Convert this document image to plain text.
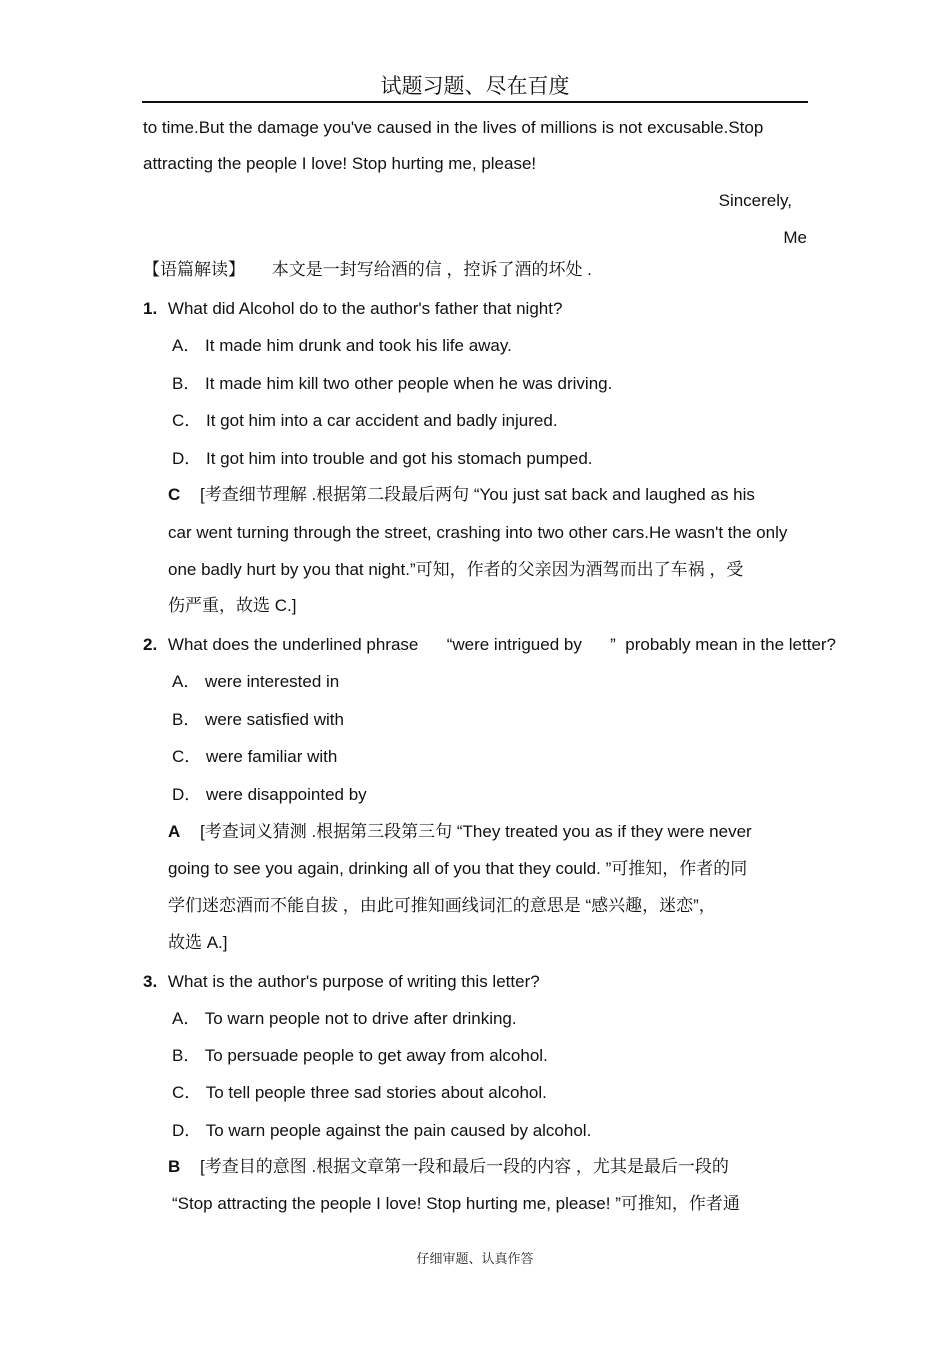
试题习题、尽在百度
to time.But the damage you've caused in the lives of millions is not excusable.Stop
attracting the people I love! Stop hurting me, please!
Sincerely,
Me
【语篇解读】 本文是一封写给酒的信 ，控诉了酒的坏处 .
1. What did Alcohol do to the author's father that night?
A． It made him drunk and took his life away.
B． It made him kill two other people when he was driving.
C． It got him into a car accident and badly injured.
D． It got him into trouble and got his stomach pumped.
C [考查细节理解 .根据第二段最后两句 “You just sat back and laughed as his
car went turning through the street, crashing into two other cars.He wasn't the only
one badly hurt by you that night.”可知，作者的父亲因为酒驾而出了车祸 ，受
伤严重，故选 C.]
2. What does the underlined phrase      “were intrigued by      ”  probably mean in the letter?
A． were interested in
B． were satisfied with
C． were familiar with
D． were disappointed by
A [考查词义猜测 .根据第三段第三句 “They treated you as if they were never
going to see you again, drinking all of you that they could. ”可推知，作者的同
学们迷恋酒而不能自拔 ，由此可推知画线词汇的意思是 “感兴趣，迷恋”，
故选 A.]
3. What is the author's purpose of writing this letter?
A． To warn people not to drive after drinking.
B． To persuade people to get away from alcohol.
C． To tell people three sad stories about alcohol.
D． To warn people against the pain caused by alcohol.
B [考查目的意图 .根据文章第一段和最后一段的内容 ，尤其是最后一段的
“Stop attracting the people I love! Stop hurting me, please! ”可推知，作者通
仔细审题、认真作答
